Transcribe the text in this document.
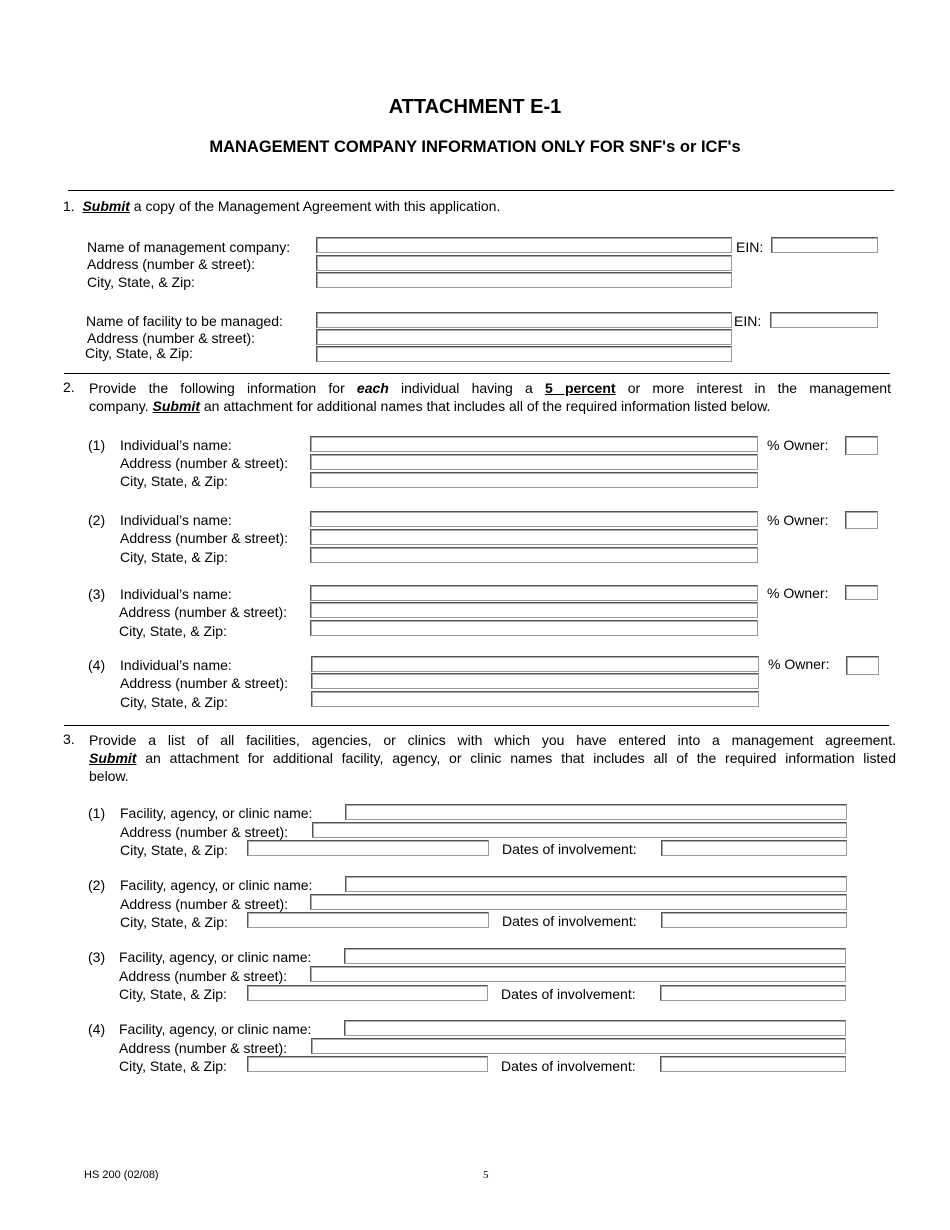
ATTACHMENT E-1
MANAGEMENT COMPANY INFORMATION ONLY FOR SNF's or ICF's
1. Submit a copy of the Management Agreement with this application.
Name of management company:
Address (number & street):
City, State, & Zip:
EIN:
Name of facility to be managed:
Address (number & street):
City, State, & Zip:
EIN:
2. Provide the following information for each individual having a 5 percent or more interest in the management
company. Submit an attachment for additional names that includes all of the required information listed below.
(1) Individual’s name:
Address (number & street):
City, State, & Zip:
% Owner:
(2) Individual’s name:
Address (number & street):
City, State, & Zip:
% Owner:
(3) Individual’s name:
Address (number & street):
City, State, & Zip:
% Owner:
(4) Individual’s name:
Address (number & street):
City, State, & Zip:
% Owner:
3. Provide a list of all facilities, agencies, or clinics with which you have entered into a management agreement.
Submit an attachment for additional facility, agency, or clinic names that includes all of the required information listed
below.
(1) Facility, agency, or clinic name:
Address (number & street):
City, State, & Zip:	Dates of involvement:
(2) Facility, agency, or clinic name:
Address (number & street):
City, State, & Zip:	Dates of involvement:
(3) Facility, agency, or clinic name:
Address (number & street):
City, State, & Zip:	Dates of involvement:
(4) Facility, agency, or clinic name:
Address (number & street):
City, State, & Zip:	Dates of involvement:
HS 200 (02/08)	5
